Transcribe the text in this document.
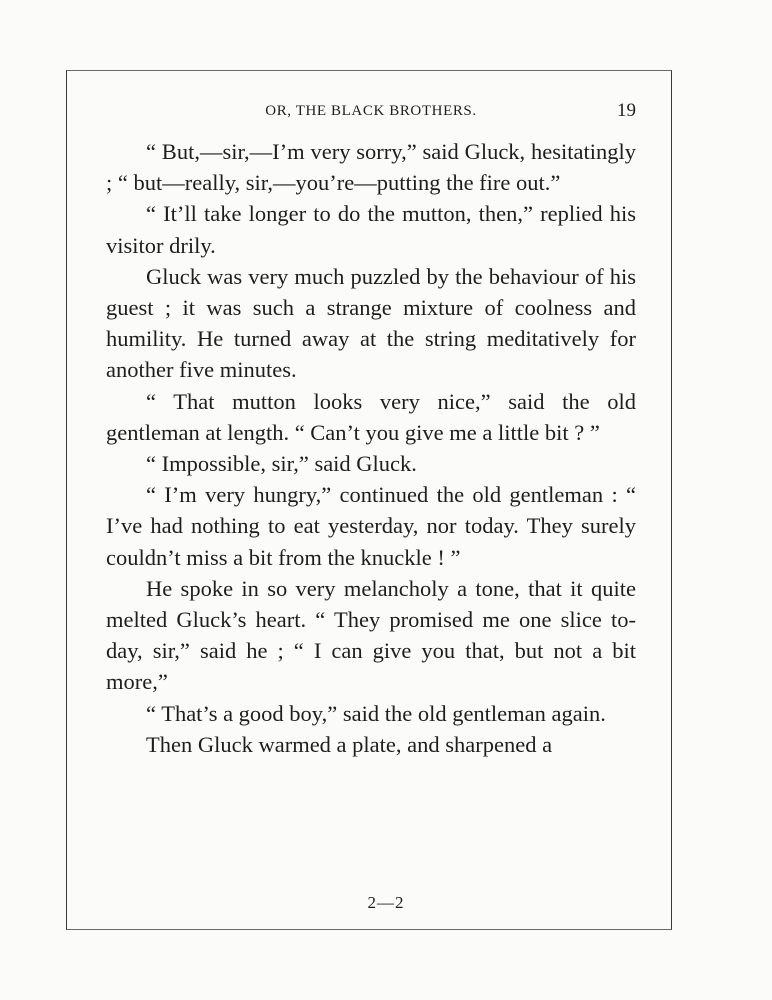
OR, THE BLACK BROTHERS.	19

“ But,—sir,—I’m very sorry,” said Gluck, hesitatingly ; “ but—really, sir,—you’re—putting the fire out.”

“ It’ll take longer to do the mutton, then,” replied his visitor drily.

Gluck was very much puzzled by the behaviour of his guest ; it was such a strange mixture of coolness and humility. He turned away at the string meditatively for another five minutes.

“ That mutton looks very nice,” said the old gentleman at length. “ Can’t you give me a little bit ? ”

“ Impossible, sir,” said Gluck.

“ I’m very hungry,” continued the old gentleman : “ I’ve had nothing to eat yesterday, nor today. They surely couldn’t miss a bit from the knuckle ! ”

He spoke in so very melancholy a tone, that it quite melted Gluck’s heart. “ They promised me one slice to-day, sir,” said he ; “ I can give you that, but not a bit more,”

“ That’s a good boy,” said the old gentleman again.

Then Gluck warmed a plate, and sharpened a

2—2
